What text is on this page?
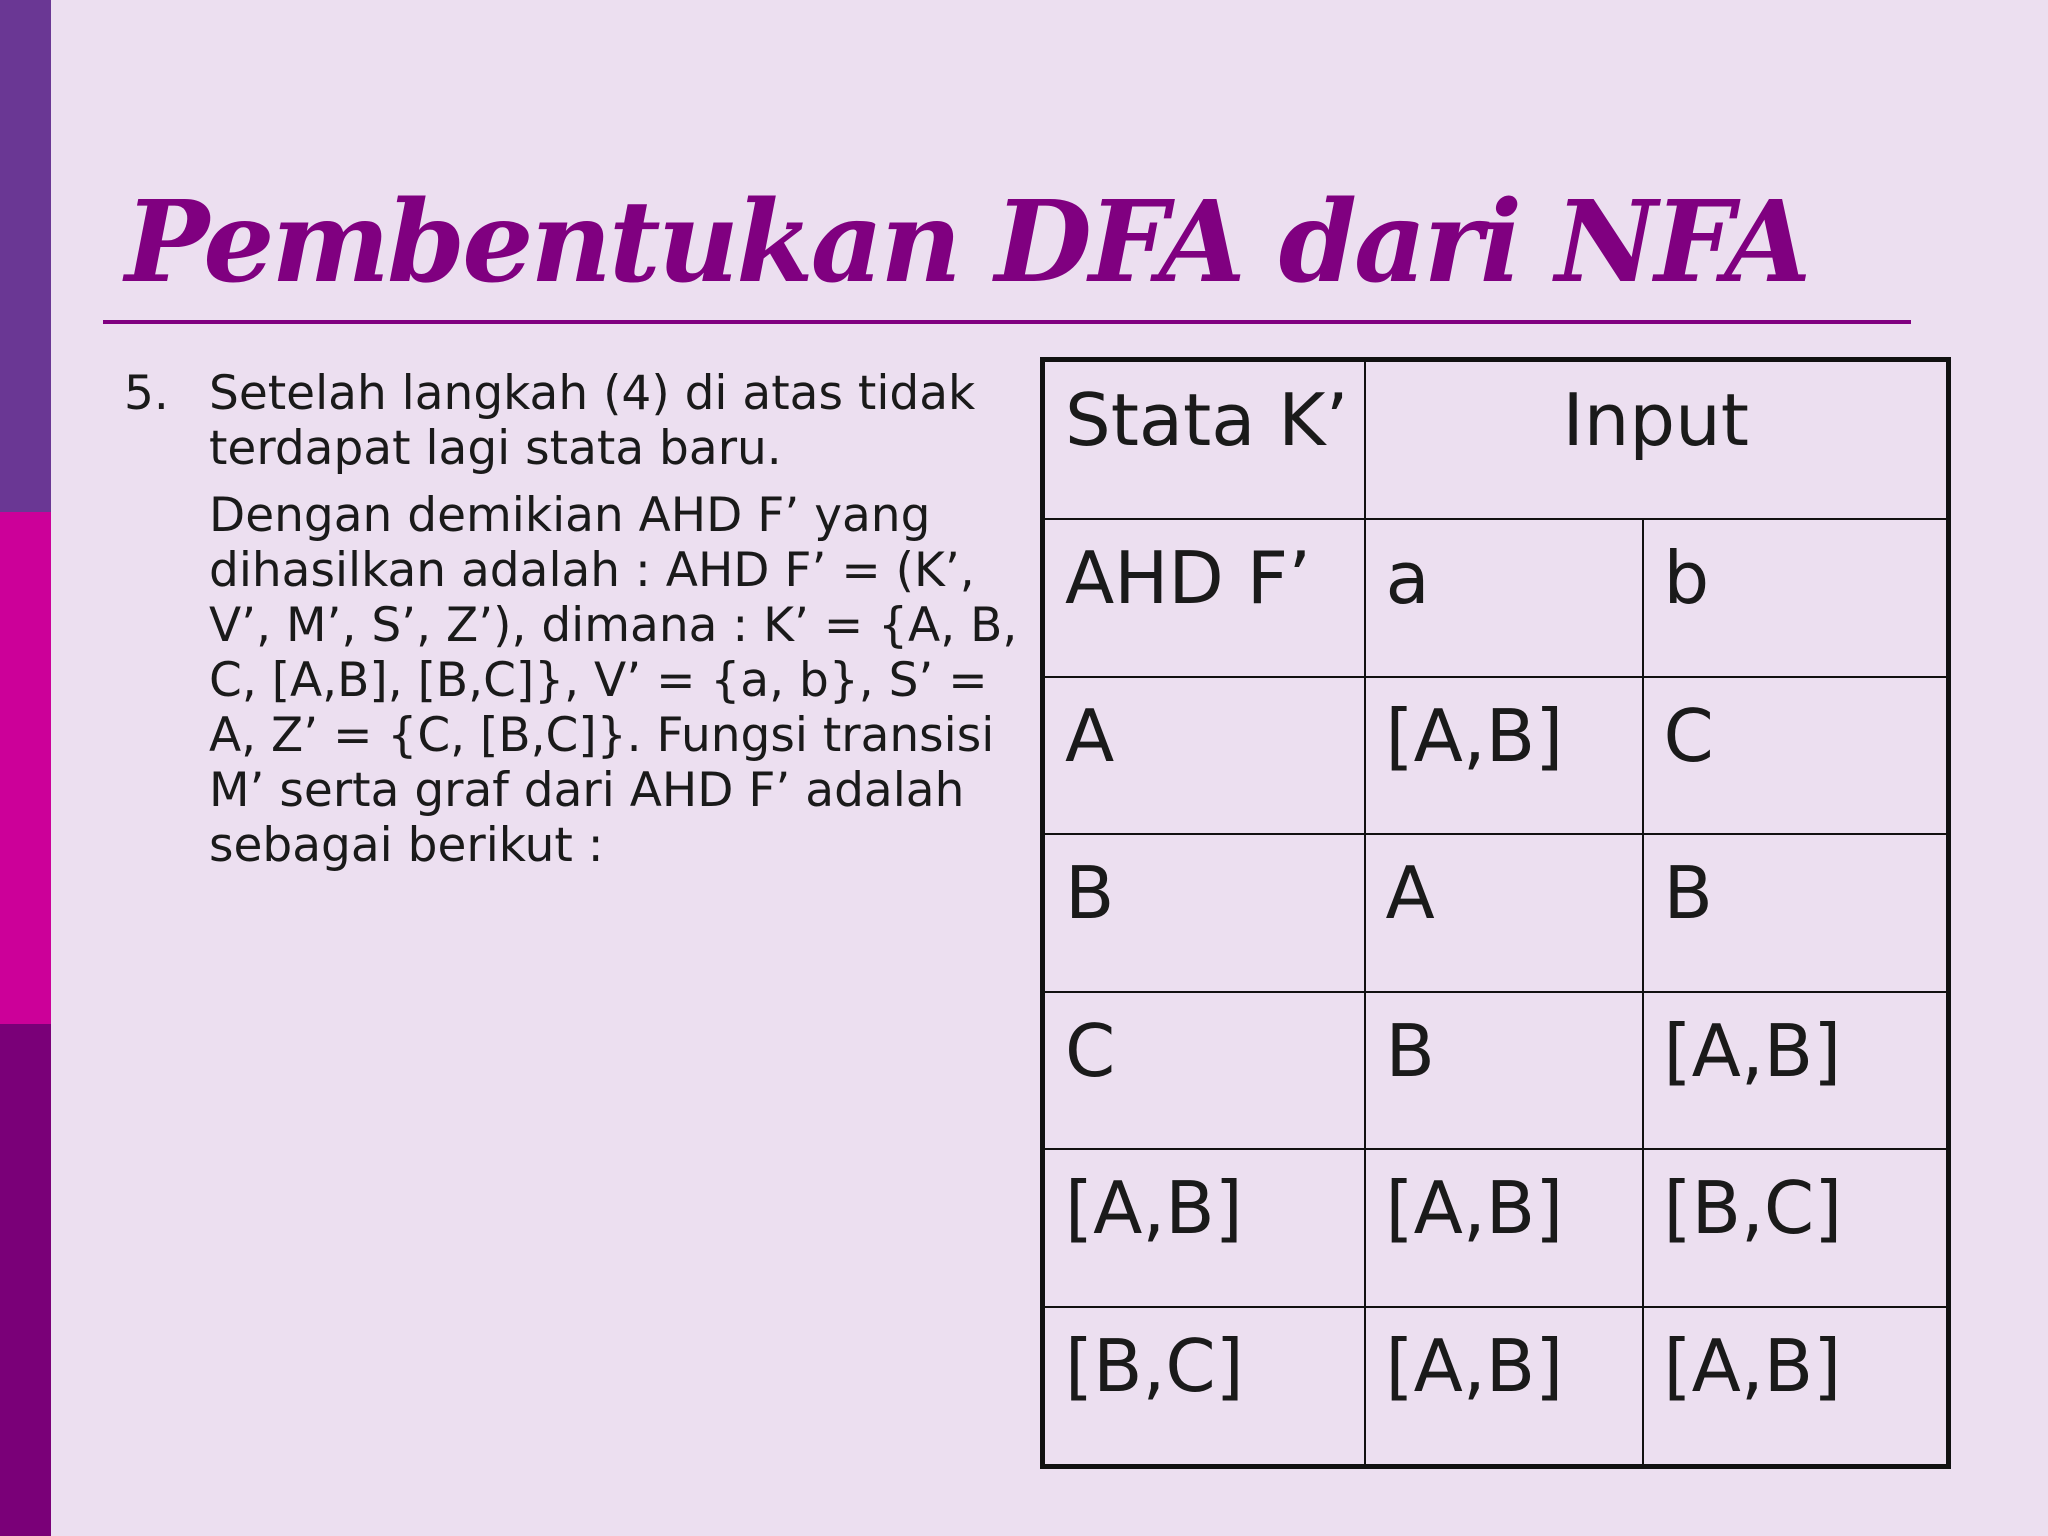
Pembentukan DFA dari NFA
5. Setelah langkah (4) di atas tidak terdapat lagi stata baru.
Dengan demikian AHD F’ yang dihasilkan adalah : AHD F’ = (K’, V’, M’, S’, Z’), dimana : K’ = {A, B, C, [A,B], [B,C]}, V’ = {a, b}, S’ = A, Z’ = {C, [B,C]}. Fungsi transisi M’ serta graf dari AHD F’ adalah sebagai berikut :
Stata K’	Input	
AHD F’	a	b
A	[A,B]	C
B	A	B
C	B	[A,B]
[A,B]	[A,B]	[B,C]
[B,C]	[A,B]	[A,B]
